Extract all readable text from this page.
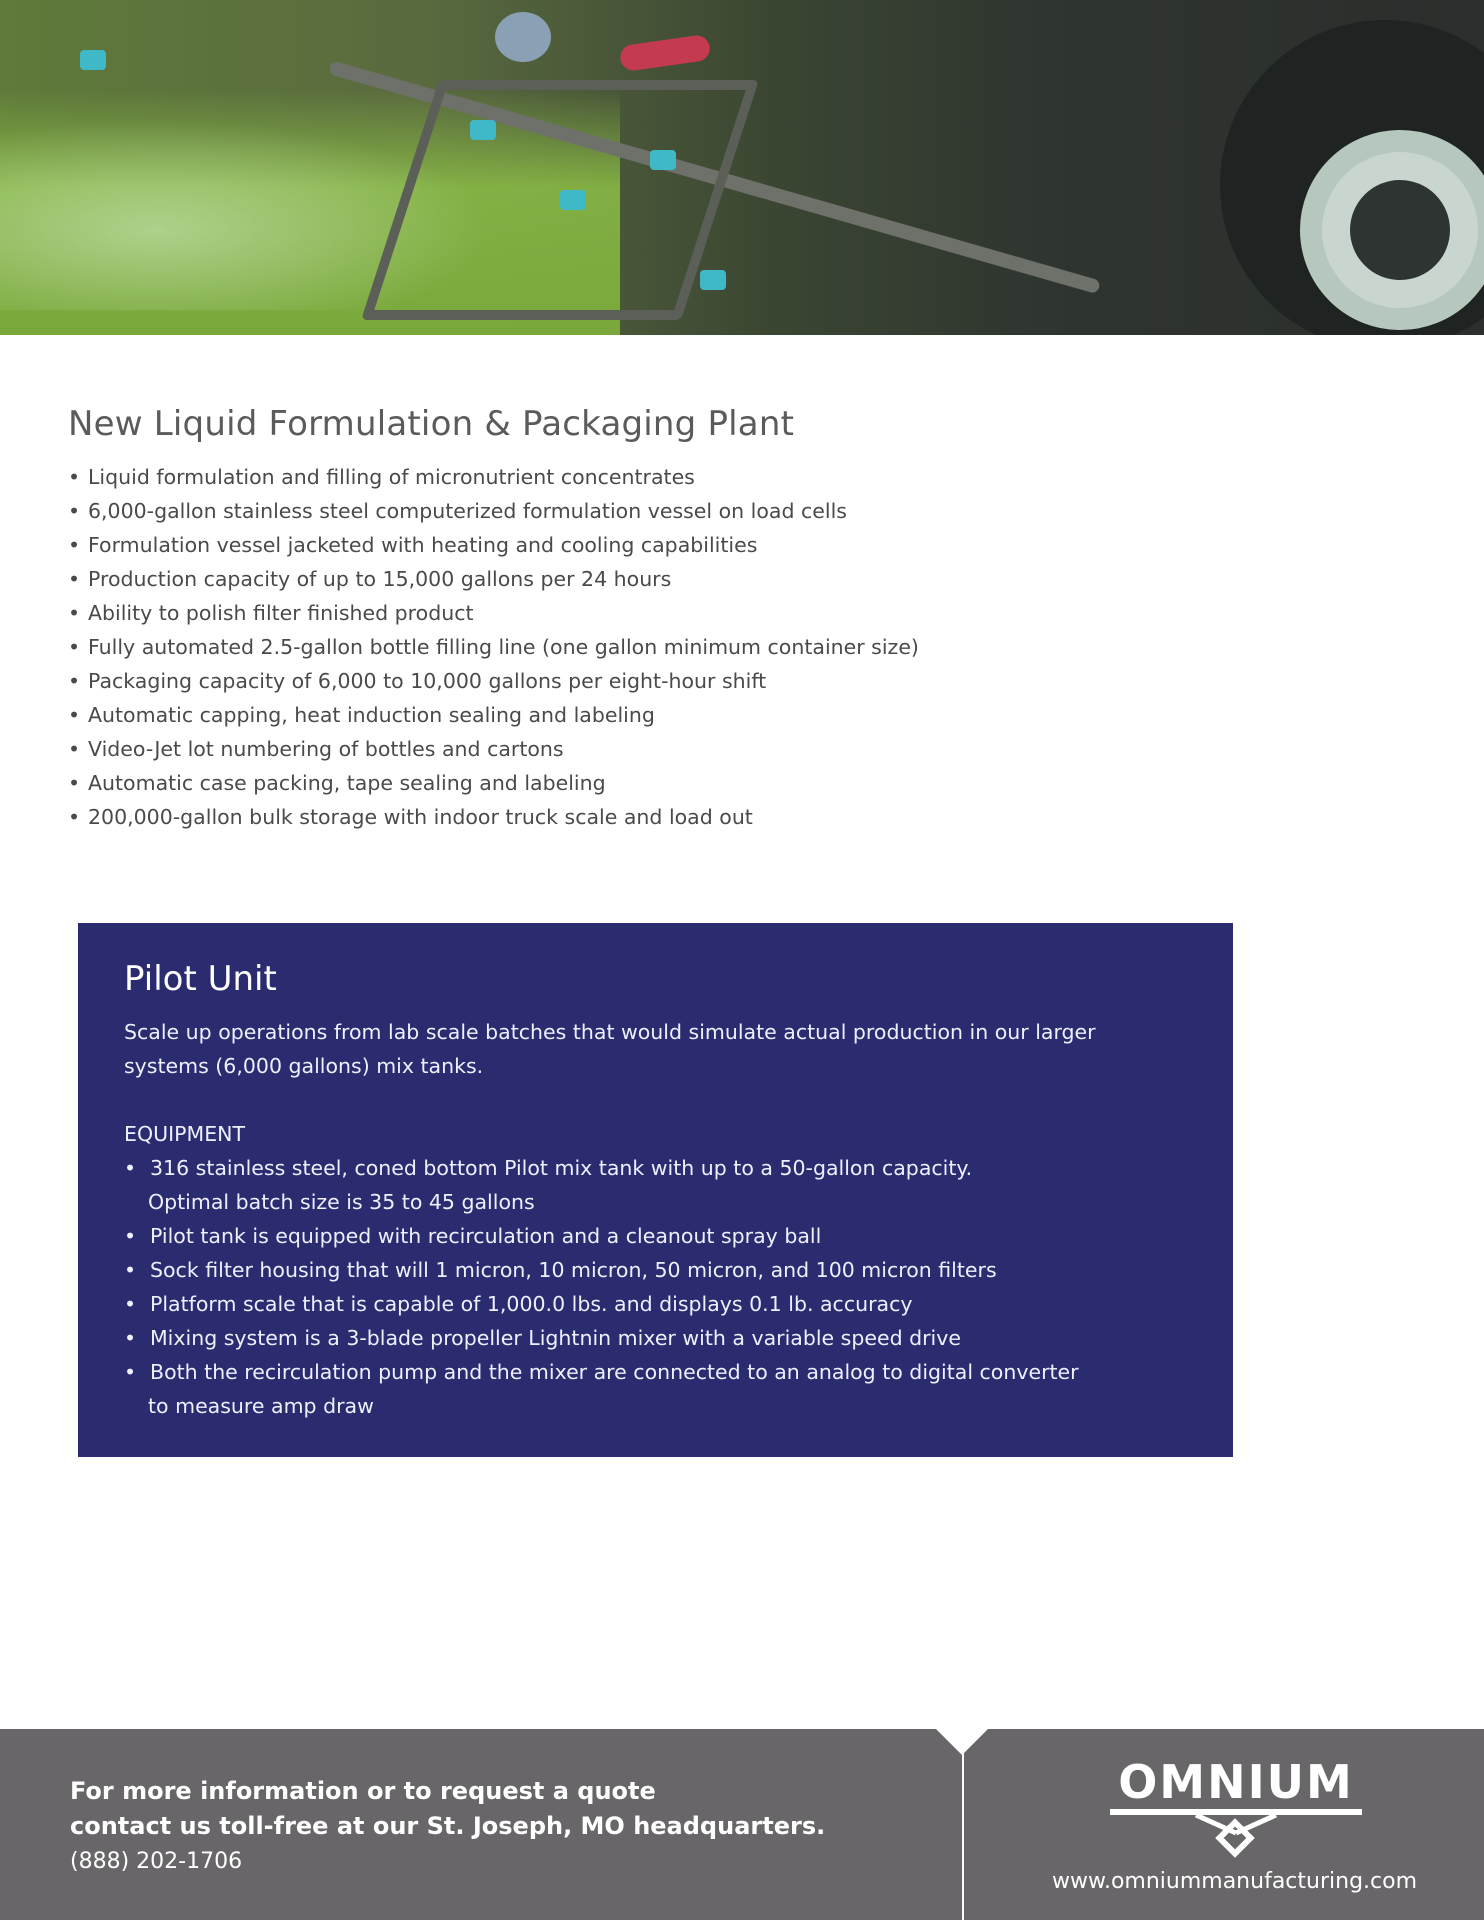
New Liquid Formulation & Packaging Plant
• Liquid formulation and filling of micronutrient concentrates
• 6,000-gallon stainless steel computerized formulation vessel on load cells
• Formulation vessel jacketed with heating and cooling capabilities
• Production capacity of up to 15,000 gallons per 24 hours
• Ability to polish filter finished product
• Fully automated 2.5-gallon bottle filling line (one gallon minimum container size)
• Packaging capacity of 6,000 to 10,000 gallons per eight-hour shift
• Automatic capping, heat induction sealing and labeling
• Video-Jet lot numbering of bottles and cartons
• Automatic case packing, tape sealing and labeling
• 200,000-gallon bulk storage with indoor truck scale and load out
Pilot Unit

Scale up operations from lab scale batches that would simulate actual production in our larger systems (6,000 gallons) mix tanks.

EQUIPMENT

• 316 stainless steel, coned bottom Pilot mix tank with up to a 50-gallon capacity.
Optimal batch size is 35 to 45 gallons
• Pilot tank is equipped with recirculation and a cleanout spray ball
• Sock filter housing that will 1 micron, 10 micron, 50 micron, and 100 micron filters
• Platform scale that is capable of 1,000.0 lbs. and displays 0.1 lb. accuracy
• Mixing system is a 3-blade propeller Lightnin mixer with a variable speed drive
• Both the recirculation pump and the mixer are connected to an analog to digital converter
to measure amp draw

For more information or to request a quote

contact us toll-free at our St. Joseph, MO headquarters.

(888) 202-1706

OMNIUM

www.omniummanufacturing.com
